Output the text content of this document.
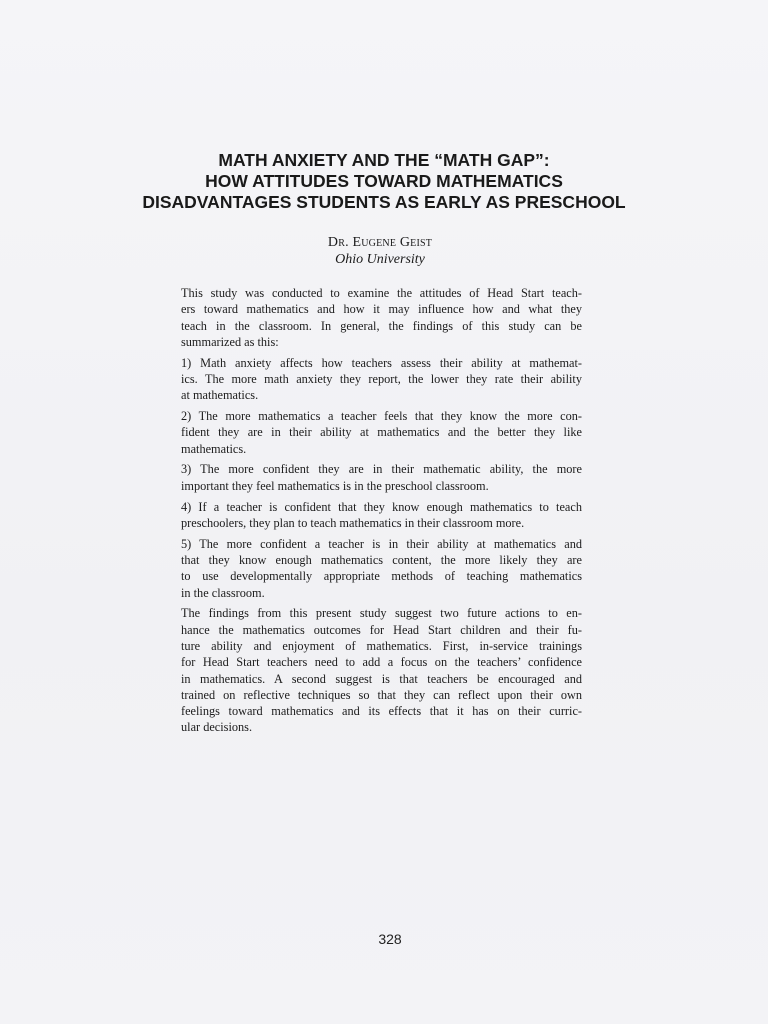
MATH ANXIETY AND THE “MATH GAP”:
HOW ATTITUDES TOWARD MATHEMATICS
DISADVANTAGES STUDENTS AS EARLY AS PRESCHOOL
Dr. Eugene Geist
Ohio University
This study was conducted to examine the attitudes of Head Start teach-
ers toward mathematics and how it may influence how and what they
teach in the classroom. In general, the findings of this study can be
summarized as this:
1) Math anxiety affects how teachers assess their ability at mathemat-
ics. The more math anxiety they report, the lower they rate their ability
at mathematics.
2) The more mathematics a teacher feels that they know the more con-
fident they are in their ability at mathematics and the better they like
mathematics.
3) The more confident they are in their mathematic ability, the more
important they feel mathematics is in the preschool classroom.
4) If a teacher is confident that they know enough mathematics to teach
preschoolers, they plan to teach mathematics in their classroom more.
5) The more confident a teacher is in their ability at mathematics and
that they know enough mathematics content, the more likely they are
to use developmentally appropriate methods of teaching mathematics
in the classroom.
The findings from this present study suggest two future actions to en-
hance the mathematics outcomes for Head Start children and their fu-
ture ability and enjoyment of mathematics. First, in-service trainings
for Head Start teachers need to add a focus on the teachers’ confidence
in mathematics. A second suggest is that teachers be encouraged and
trained on reflective techniques so that they can reflect upon their own
feelings toward mathematics and its effects that it has on their curric-
ular decisions.
328
